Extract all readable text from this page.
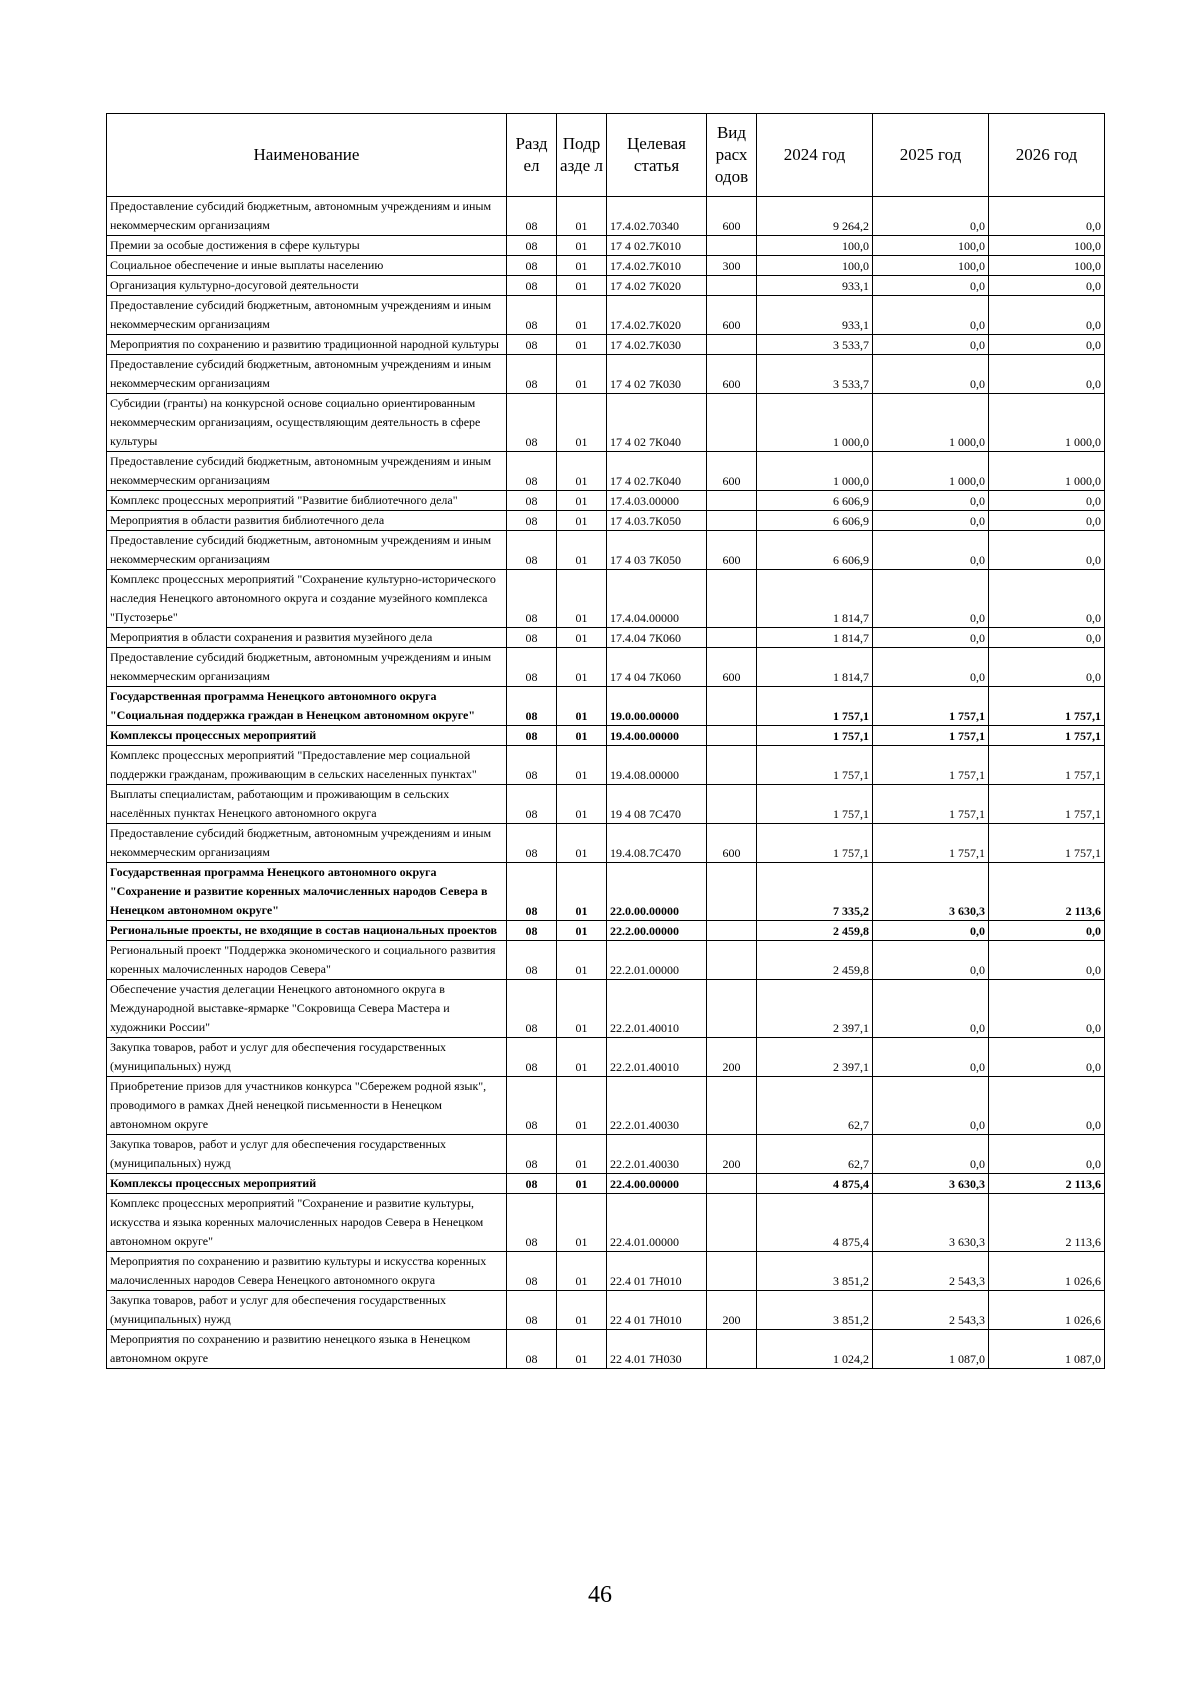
Наименование	Разд ел	Подр азде л	Целевая статья	Вид расх одов	2024 год	2025 год	2026 год
Предоставление субсидий бюджетным, автономным учреждениям и иным некоммерческим организациям	08	01	17.4.02.70340	600	9 264,2	0,0	0,0
Премии за особые достижения в сфере культуры	08	01	17 4 02.7К010		100,0	100,0	100,0
Социальное обеспечение и иные выплаты населению	08	01	17.4.02.7К010	300	100,0	100,0	100,0
Организация культурно-досуговой деятельности	08	01	17 4.02 7К020		933,1	0,0	0,0
Предоставление субсидий бюджетным, автономным учреждениям и иным некоммерческим организациям	08	01	17.4.02.7К020	600	933,1	0,0	0,0
Мероприятия по сохранению и развитию традиционной народной культуры	08	01	17 4.02.7К030		3 533,7	0,0	0,0
Предоставление субсидий бюджетным, автономным учреждениям и иным некоммерческим организациям	08	01	17 4 02 7К030	600	3 533,7	0,0	0,0
Субсидии (гранты) на конкурсной основе социально ориентированным некоммерческим организациям, осуществляющим деятельность в сфере культуры	08	01	17 4 02 7К040		1 000,0	1 000,0	1 000,0
Предоставление субсидий бюджетным, автономным учреждениям и иным некоммерческим организациям	08	01	17 4 02.7К040	600	1 000,0	1 000,0	1 000,0
Комплекс процессных мероприятий "Развитие библиотечного дела"	08	01	17.4.03.00000		6 606,9	0,0	0,0
Мероприятия в области развития библиотечного дела	08	01	17 4.03.7К050		6 606,9	0,0	0,0
Предоставление субсидий бюджетным, автономным учреждениям и иным некоммерческим организациям	08	01	17 4 03 7К050	600	6 606,9	0,0	0,0
Комплекс процессных мероприятий "Сохранение культурно-исторического наследия Ненецкого автономного округа и создание музейного комплекса "Пустозерье"	08	01	17.4.04.00000		1 814,7	0,0	0,0
Мероприятия в области сохранения и развития музейного дела	08	01	17.4.04 7К060		1 814,7	0,0	0,0
Предоставление субсидий бюджетным, автономным учреждениям и иным некоммерческим организациям	08	01	17 4 04 7К060	600	1 814,7	0,0	0,0
Государственная программа Ненецкого автономного округа "Социальная поддержка граждан в Ненецком автономном округе"	08	01	19.0.00.00000		1 757,1	1 757,1	1 757,1
Комплексы процессных мероприятий	08	01	19.4.00.00000		1 757,1	1 757,1	1 757,1
Комплекс процессных мероприятий "Предоставление мер социальной поддержки гражданам, проживающим в сельских населенных пунктах"	08	01	19.4.08.00000		1 757,1	1 757,1	1 757,1
Выплаты специалистам, работающим и проживающим в сельских населённых пунктах Ненецкого автономного округа	08	01	19 4 08 7С470		1 757,1	1 757,1	1 757,1
Предоставление субсидий бюджетным, автономным учреждениям и иным некоммерческим организациям	08	01	19.4.08.7С470	600	1 757,1	1 757,1	1 757,1
Государственная программа Ненецкого автономного округа "Сохранение и развитие коренных малочисленных народов Севера в Ненецком автономном округе"	08	01	22.0.00.00000		7 335,2	3 630,3	2 113,6
Региональные проекты, не входящие в состав национальных проектов	08	01	22.2.00.00000		2 459,8	0,0	0,0
Региональный проект "Поддержка экономического и социального развития коренных малочисленных народов Севера"	08	01	22.2.01.00000		2 459,8	0,0	0,0
Обеспечение участия делегации Ненецкого автономного округа в Международной выставке-ярмарке "Сокровища Севера Мастера и художники России"	08	01	22.2.01.40010		2 397,1	0,0	0,0
Закупка товаров, работ и услуг для обеспечения государственных (муниципальных) нужд	08	01	22.2.01.40010	200	2 397,1	0,0	0,0
Приобретение призов для участников конкурса "Сбережем родной язык", проводимого в рамках Дней ненецкой письменности в Ненецком автономном округе	08	01	22.2.01.40030		62,7	0,0	0,0
Закупка товаров, работ и услуг для обеспечения государственных (муниципальных) нужд	08	01	22.2.01.40030	200	62,7	0,0	0,0
Комплексы процессных мероприятий	08	01	22.4.00.00000		4 875,4	3 630,3	2 113,6
Комплекс процессных мероприятий "Сохранение и развитие культуры, искусства и языка коренных малочисленных народов Севера в Ненецком автономном округе"	08	01	22.4.01.00000		4 875,4	3 630,3	2 113,6
Мероприятия по сохранению и развитию культуры и искусства коренных малочисленных народов Севера Ненецкого автономного округа	08	01	22.4 01 7Н010		3 851,2	2 543,3	1 026,6
Закупка товаров, работ и услуг для обеспечения государственных (муниципальных) нужд	08	01	22 4 01 7Н010	200	3 851,2	2 543,3	1 026,6
Мероприятия по сохранению и развитию ненецкого языка в Ненецком автономном округе	08	01	22 4.01 7Н030		1 024,2	1 087,0	1 087,0
46
